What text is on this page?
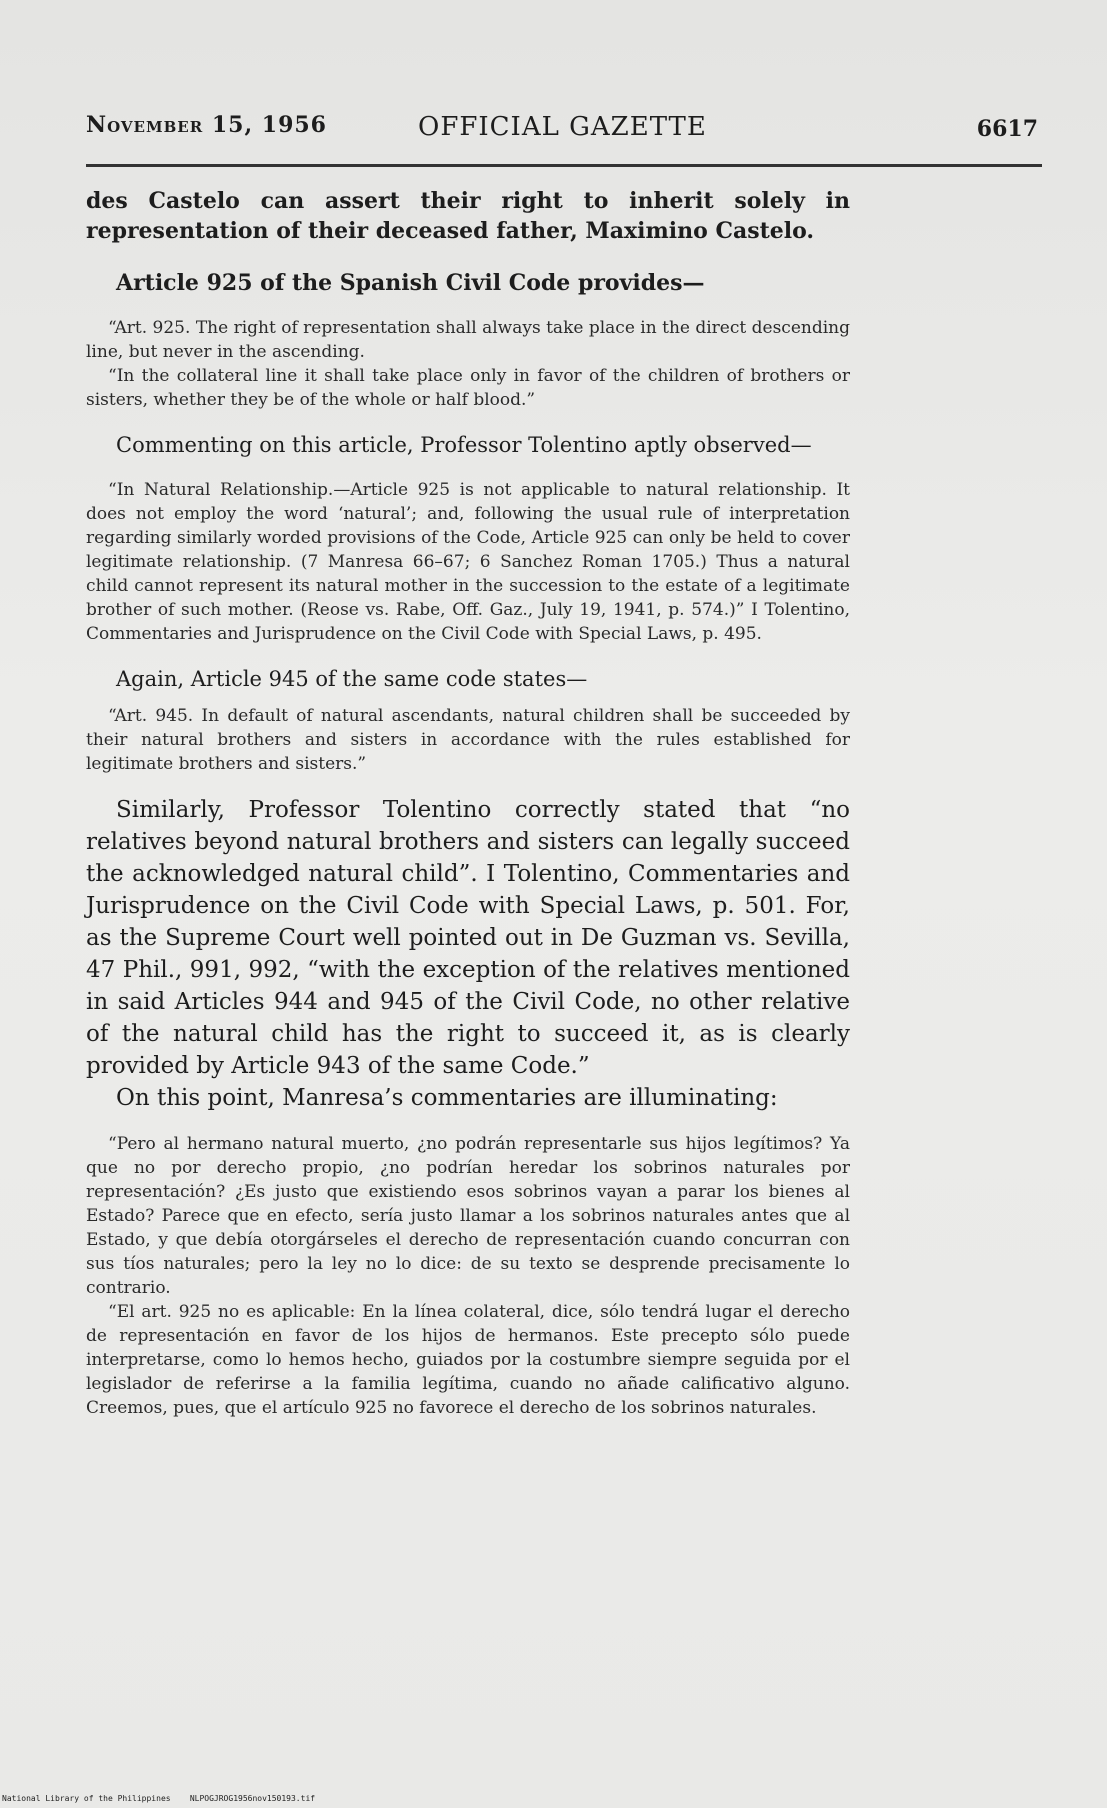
November 15, 1956	OFFICIAL GAZETTE	6617

des Castelo can assert their right to inherit solely in representation of their deceased father, Maximino Castelo.

Article 925 of the Spanish Civil Code provides—

“Art. 925. The right of representation shall always take place in the direct descending line, but never in the ascending.

“In the collateral line it shall take place only in favor of the children of brothers or sisters, whether they be of the whole or half blood.”

Commenting on this article, Professor Tolentino aptly observed—

“In Natural Relationship.—Article 925 is not applicable to natural relationship. It does not employ the word ‘natural’; and, following the usual rule of interpretation regarding similarly worded provisions of the Code, Article 925 can only be held to cover legitimate relationship. (7 Manresa 66–67; 6 Sanchez Roman 1705.) Thus a natural child cannot represent its natural mother in the succession to the estate of a legitimate brother of such mother. (Reose vs. Rabe, Off. Gaz., July 19, 1941, p. 574.)” I Tolentino, Commentaries and Jurisprudence on the Civil Code with Special Laws, p. 495.

Again, Article 945 of the same code states—

“Art. 945. In default of natural ascendants, natural children shall be succeeded by their natural brothers and sisters in accordance with the rules established for legitimate brothers and sisters.”

Similarly, Professor Tolentino correctly stated that “no relatives beyond natural brothers and sisters can legally succeed the acknowledged natural child”. I Tolentino, Commentaries and Jurisprudence on the Civil Code with Special Laws, p. 501. For, as the Supreme Court well pointed out in De Guzman vs. Sevilla, 47 Phil., 991, 992, “with the exception of the relatives mentioned in said Articles 944 and 945 of the Civil Code, no other relative of the natural child has the right to succeed it, as is clearly provided by Article 943 of the same Code.”

On this point, Manresa’s commentaries are illuminating:

“Pero al hermano natural muerto, ¿no podrán representarle sus hijos legítimos? Ya que no por derecho propio, ¿no podrían heredar los sobrinos naturales por representación? ¿Es justo que existiendo esos sobrinos vayan a parar los bienes al Estado? Parece que en efecto, sería justo llamar a los sobrinos naturales antes que al Estado, y que debía otorgárseles el derecho de representación cuando concurran con sus tíos naturales; pero la ley no lo dice: de su texto se desprende precisamente lo contrario.

“El art. 925 no es aplicable: En la línea colateral, dice, sólo tendrá lugar el derecho de representación en favor de los hijos de hermanos. Este precepto sólo puede interpretarse, como lo hemos hecho, guiados por la costumbre siempre seguida por el legislador de referirse a la familia legítima, cuando no añade calificativo alguno. Creemos, pues, que el artículo 925 no favorece el derecho de los sobrinos naturales.

National Library of the Philippines NLPOGJROG1956nov150193.tif
